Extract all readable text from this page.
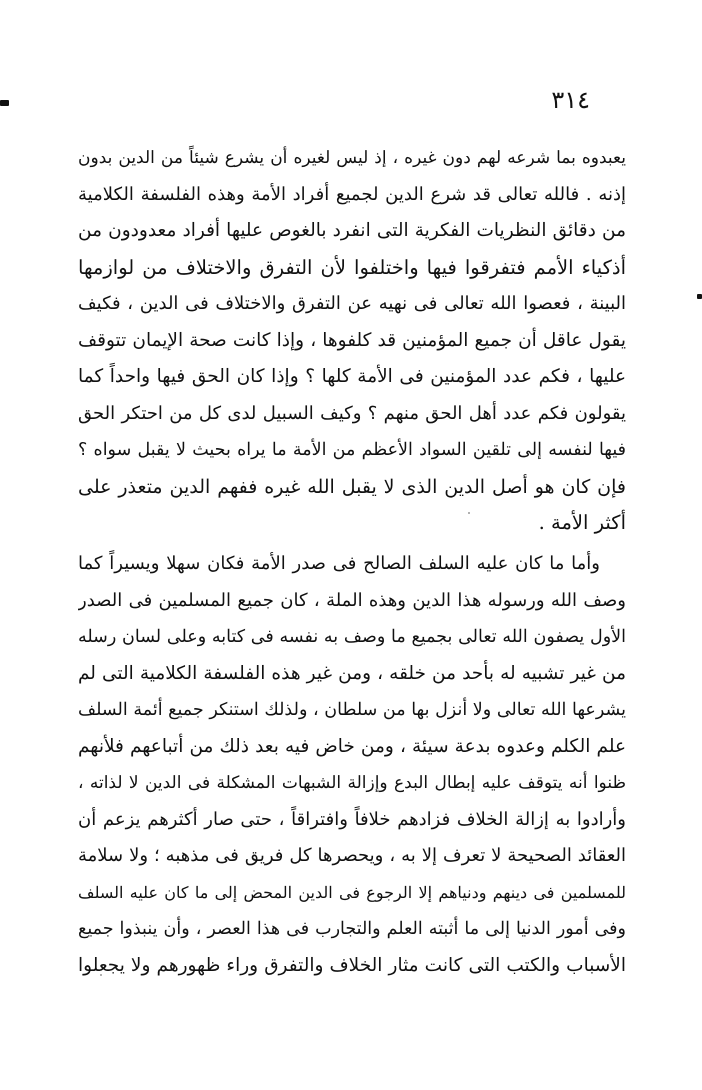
٣١٤
يعبدوه بما شرعه لهم دون غيره ، إذ ليس لغيره أن يشرع شيئاً من الدين بدون
إذنه . فالله تعالى قد شرع الدين لجميع أفراد الأمة وهذه الفلسفة الكلامية
من دقائق النظريات الفكرية التى انفرد بالغوص عليها أفراد معدودون من
أذكياء الأمم فتفرقوا فيها واختلفوا لأن التفرق والاختلاف من لوازمها
البينة ، فعصوا الله تعالى فى نهيه عن التفرق والاختلاف فى الدين ، فكيف
يقول عاقل أن جميع المؤمنين قد كلفوها ، وإذا كانت صحة الإيمان تتوقف
عليها ، فكم عدد المؤمنين فى الأمة كلها ؟ وإذا كان الحق فيها واحداً كما
يقولون فكم عدد أهل الحق منهم ؟ وكيف السبيل لدى كل من احتكر الحق
فيها لنفسه إلى تلقين السواد الأعظم من الأمة ما يراه بحيث لا يقبل سواه ؟
فإن كان هو أصل الدين الذى لا يقبل الله غيره ففهم الدين متعذر على
أكثر الأمة .
وأما ما كان عليه السلف الصالح فى صدر الأمة فكان سهلا ويسيراً كما
وصف الله ورسوله هذا الدين وهذه الملة ، كان جميع المسلمين فى الصدر
الأول يصفون الله تعالى بجميع ما وصف به نفسه فى كتابه وعلى لسان رسله
من غير تشبيه له بأحد من خلقه ، ومن غير هذه الفلسفة الكلامية التى لم
يشرعها الله تعالى ولا أنزل بها من سلطان ، ولذلك استنكر جميع أئمة السلف
علم الكلم وعدوه بدعة سيئة ، ومن خاض فيه بعد ذلك من أتباعهم فلأنهم
ظنوا أنه يتوقف عليه إبطال البدع وإزالة الشبهات المشكلة فى الدين لا لذاته ،
وأرادوا به إزالة الخلاف فزادهم خلافاً وافتراقاً ، حتى صار أكثرهم يزعم أن
العقائد الصحيحة لا تعرف إلا به ، ويحصرها كل فريق فى مذهبه ؛ ولا سلامة
للمسلمين فى دينهم ودنياهم إلا الرجوع فى الدين المحض إلى ما كان عليه السلف
وفى أمور الدنيا إلى ما أثبته العلم والتجارب فى هذا العصر ، وأن ينبذوا جميع
الأسباب والكتب التى كانت مثار الخلاف والتفرق وراء ظهورهم ولا يجعلوا
